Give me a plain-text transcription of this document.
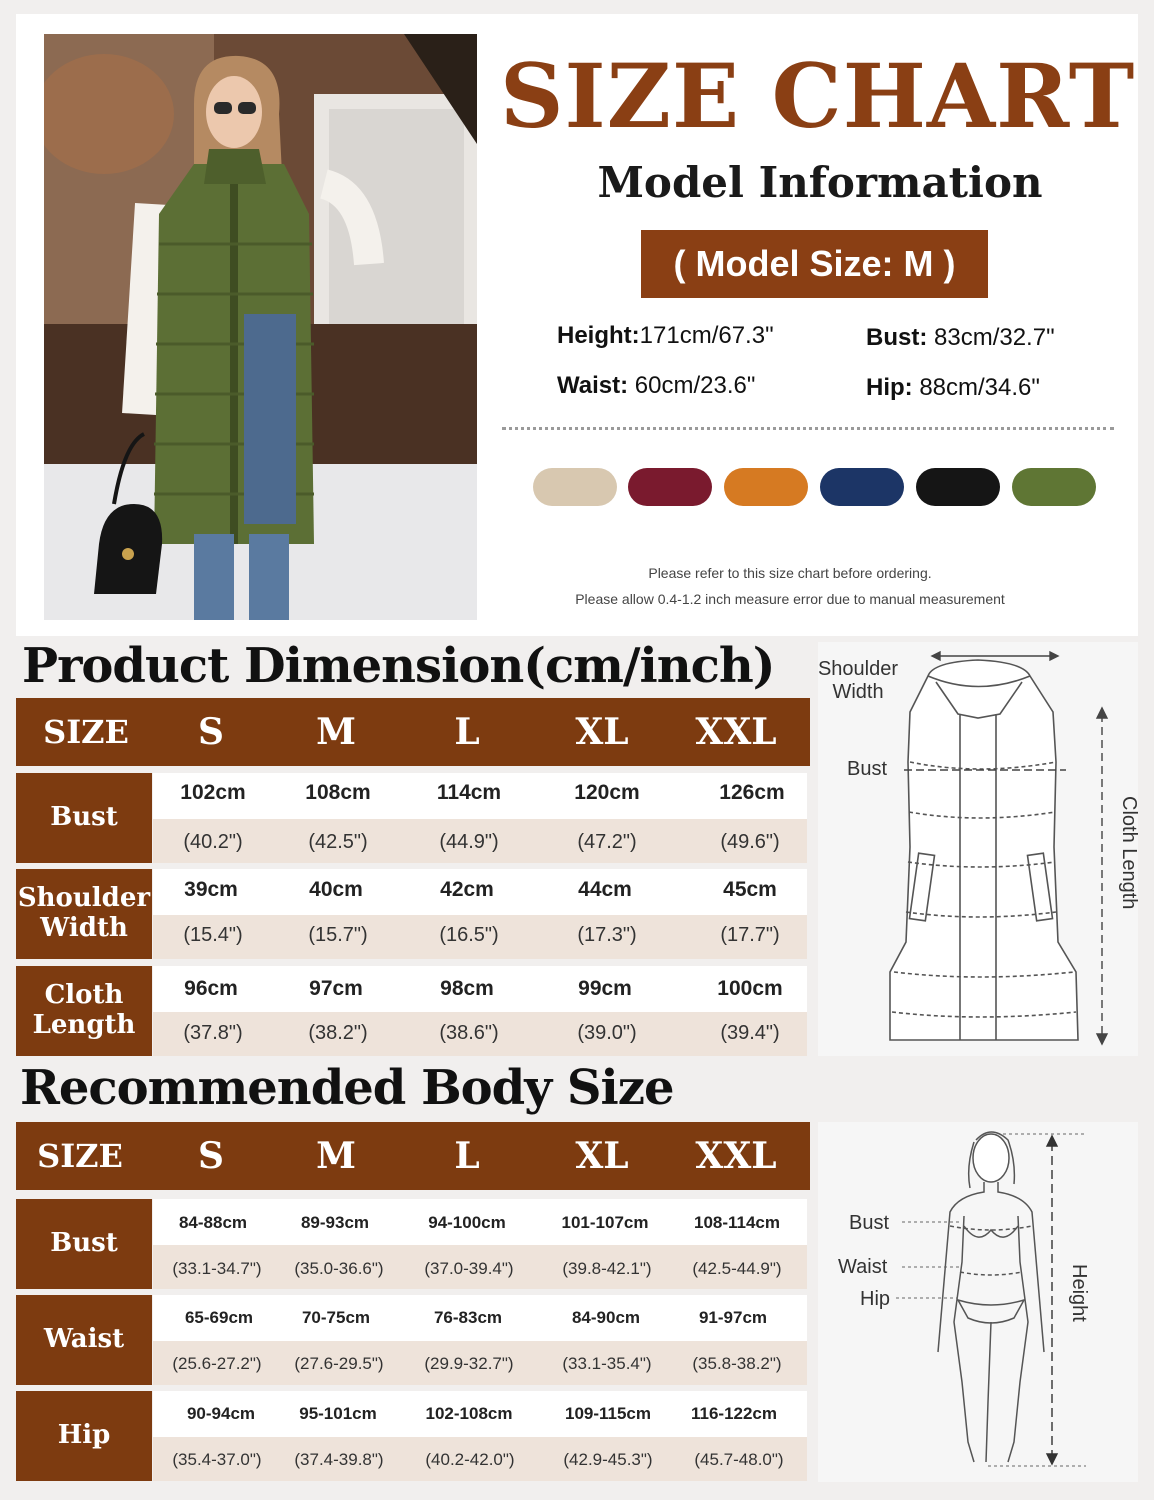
SIZE CHART
Model Information
( Model Size: M )
Height:171cm/67.3"	Bust: 83cm/32.7"
Waist: 60cm/23.6"	Hip: 88cm/34.6"
Please refer to this size chart before ordering.
Please allow 0.4-1.2 inch measure error due to manual measurement
Product Dimension(cm/inch)
SIZE	S	M	L	XL	XXL
Bust
102cm	108cm	114cm	120cm	126cm
(40.2")	(42.5")	(44.9")	(47.2")	(49.6")
Shoulder Width
39cm	40cm	42cm	44cm	45cm
(15.4")	(15.7")	(16.5")	(17.3")	(17.7")
Cloth Length
96cm	97cm	98cm	99cm	100cm
(37.8")	(38.2")	(38.6")	(39.0")	(39.4")
Shoulder Width
Bust
Cloth Length
Recommended Body Size
SIZE	S	M	L	XL	XXL
Bust
84-88cm	89-93cm	94-100cm	101-107cm	108-114cm
(33.1-34.7")	(35.0-36.6")	(37.0-39.4")	(39.8-42.1")	(42.5-44.9")
Waist
65-69cm	70-75cm	76-83cm	84-90cm	91-97cm
(25.6-27.2")	(27.6-29.5")	(29.9-32.7")	(33.1-35.4")	(35.8-38.2")
Hip
90-94cm	95-101cm	102-108cm	109-115cm	116-122cm
(35.4-37.0")	(37.4-39.8")	(40.2-42.0")	(42.9-45.3")	(45.7-48.0")
Bust
Waist
Hip	Height
